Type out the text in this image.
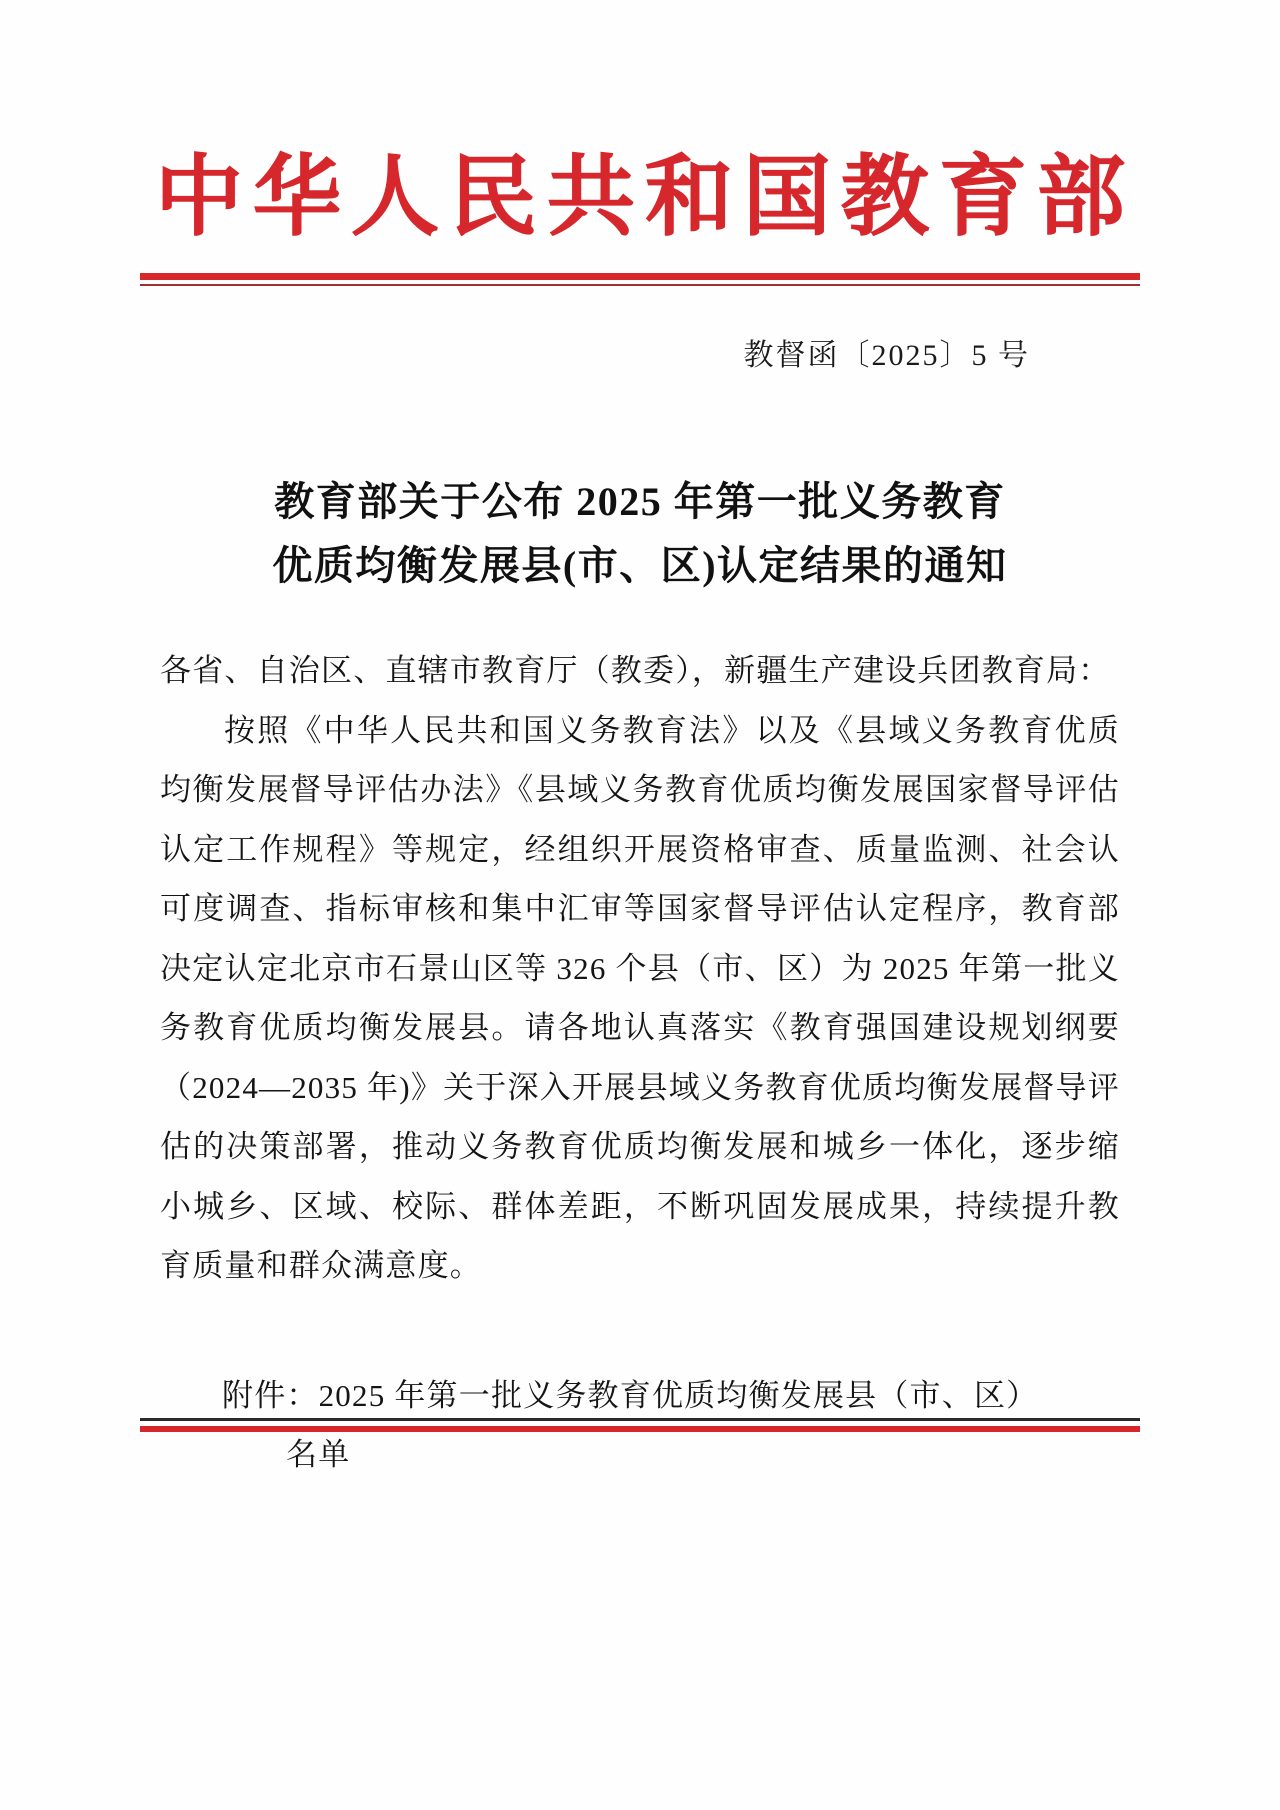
中华人民共和国教育部
教督函〔2025〕5 号
教育部关于公布 2025 年第一批义务教育
优质均衡发展县(市、区)认定结果的通知

各省、自治区、直辖市教育厅（教委），新疆生产建设兵团教育局：

按照《中华人民共和国义务教育法》以及《县域义务教育优质均衡发展督导评估办法》《县域义务教育优质均衡发展国家督导评估认定工作规程》等规定，经组织开展资格审查、质量监测、社会认可度调查、指标审核和集中汇审等国家督导评估认定程序，教育部决定认定北京市石景山区等 326 个县（市、区）为 2025 年第一批义务教育优质均衡发展县。请各地认真落实《教育强国建设规划纲要（2024—2035 年)》关于深入开展县域义务教育优质均衡发展督导评估的决策部署，推动义务教育优质均衡发展和城乡一体化，逐步缩小城乡、区域、校际、群体差距，不断巩固发展成果，持续提升教育质量和群众满意度。

附件：2025 年第一批义务教育优质均衡发展县（市、区）

名单
